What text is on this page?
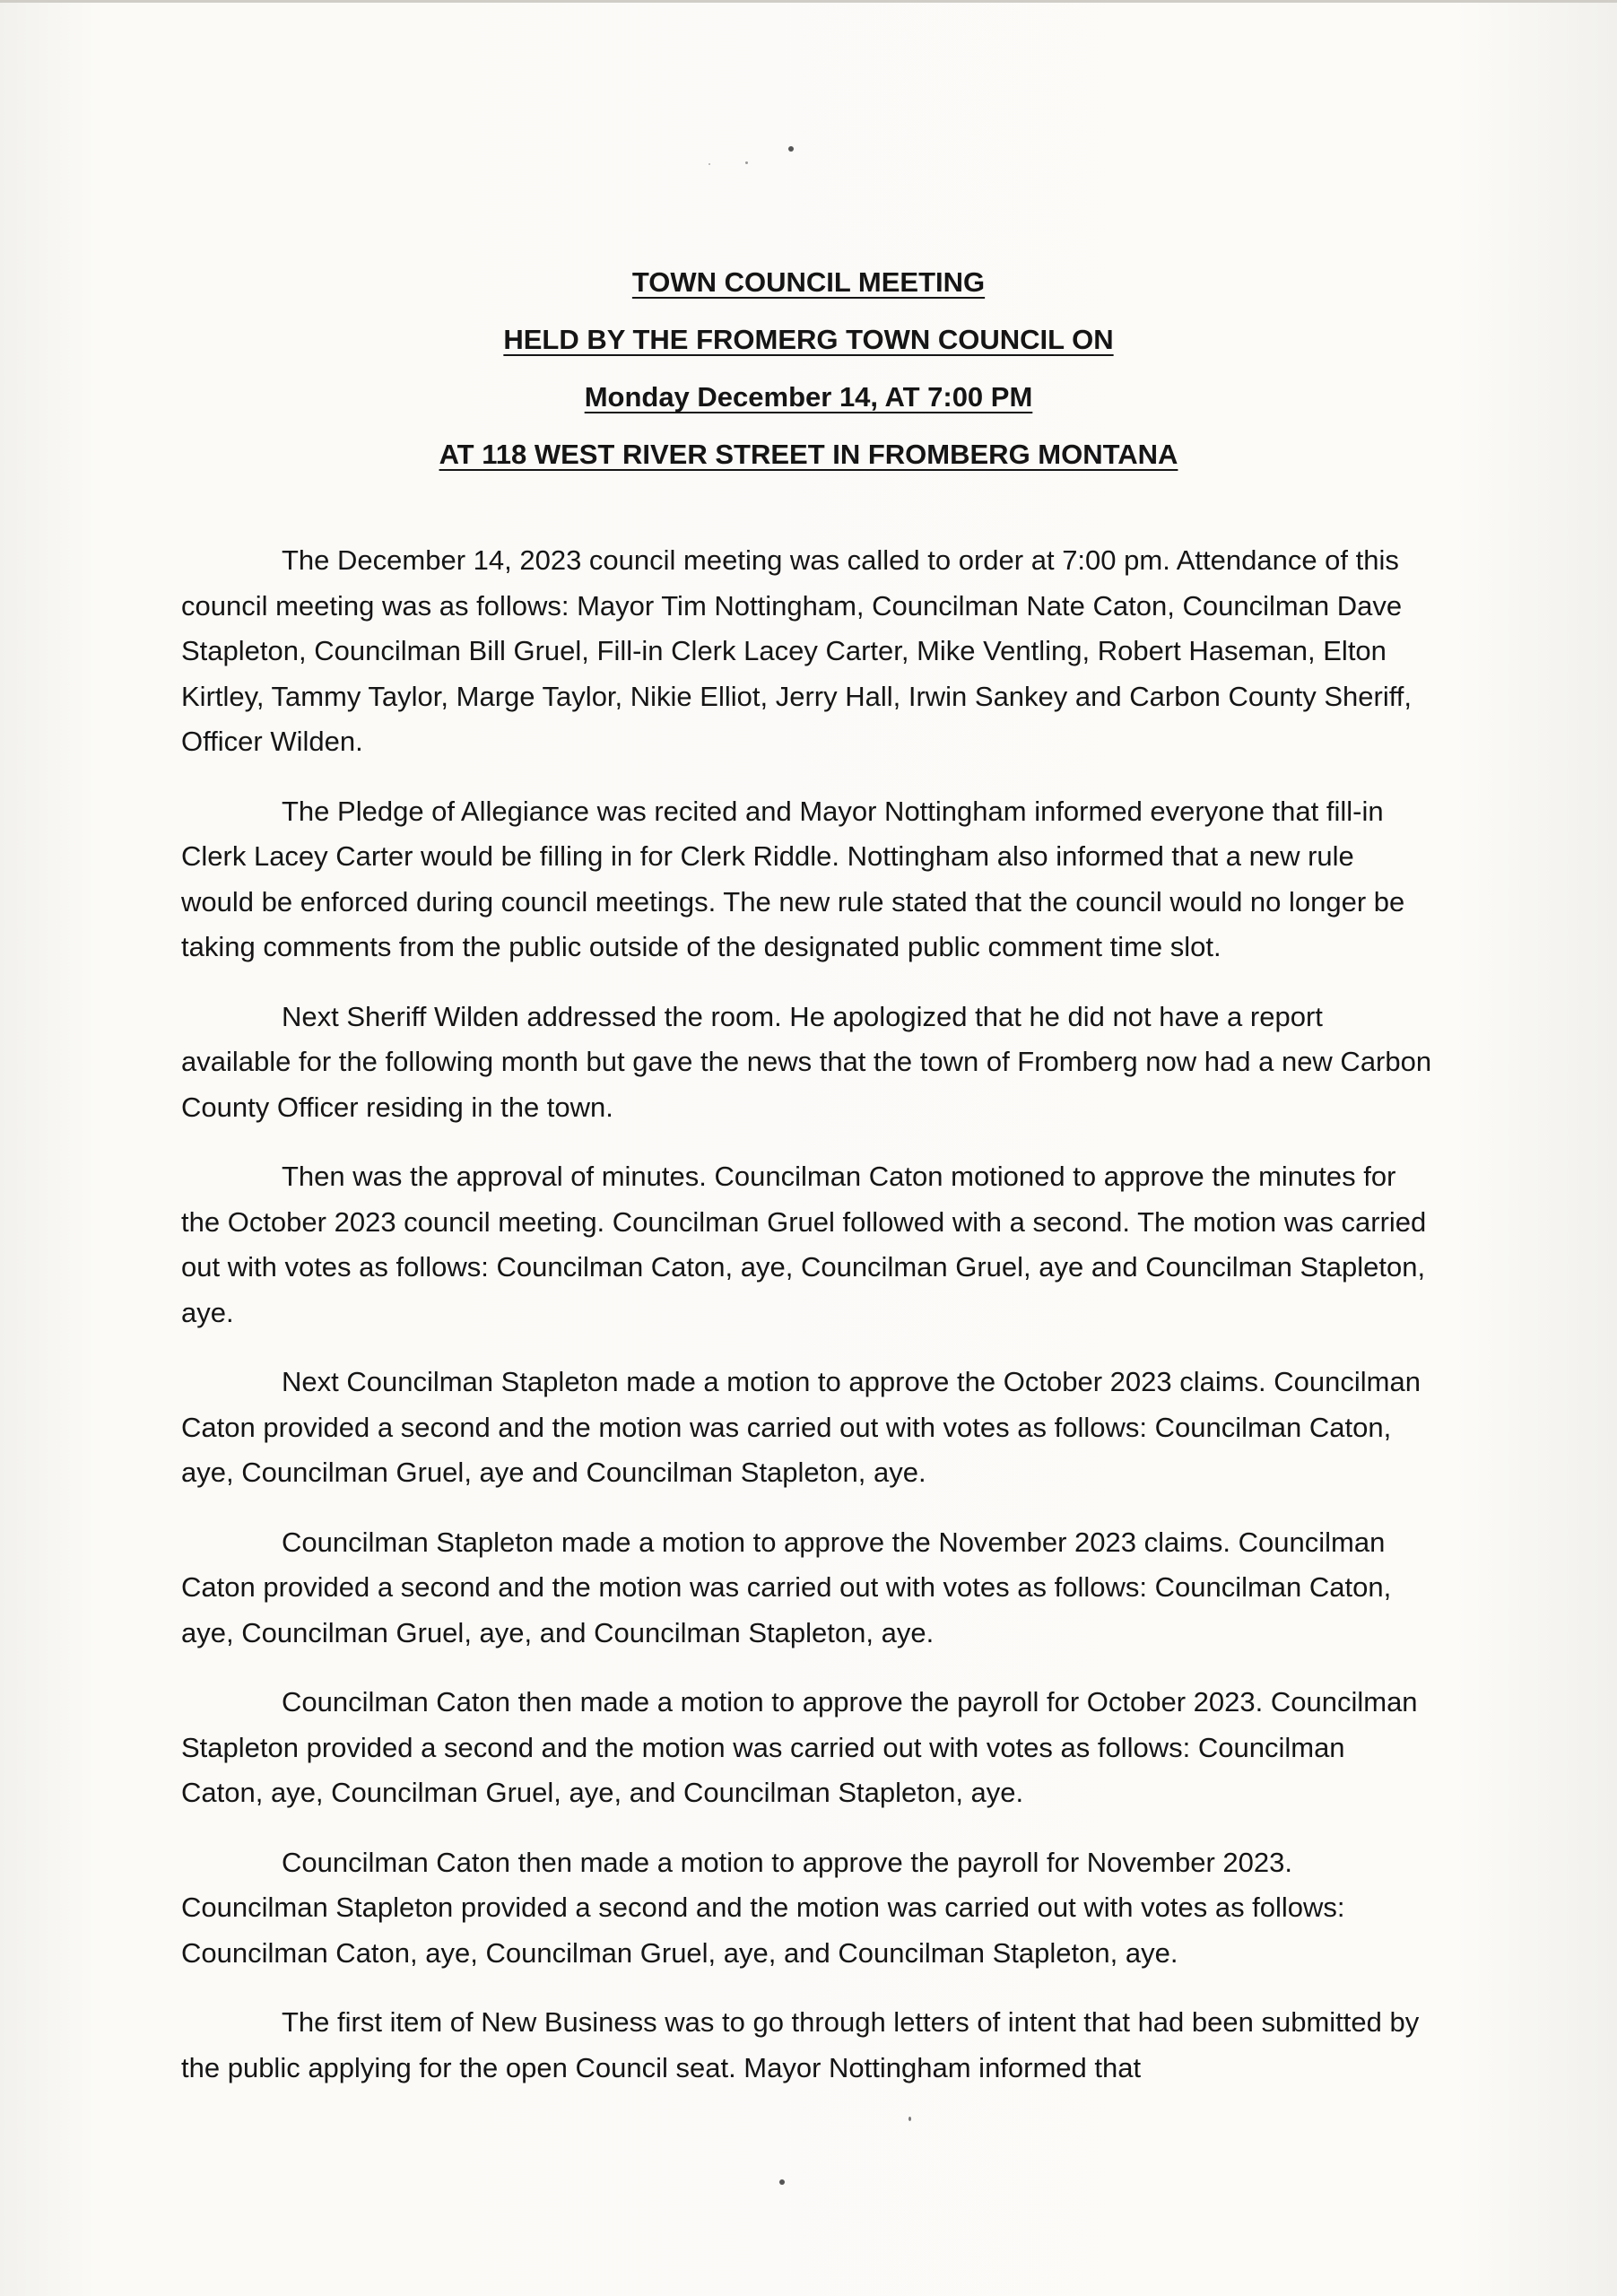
TOWN COUNCIL MEETING
HELD BY THE FROMERG TOWN COUNCIL ON
Monday December 14, AT 7:00 PM
AT 118 WEST RIVER STREET IN FROMBERG MONTANA

The December 14, 2023 council meeting was called to order at 7:00 pm. Attendance of this council meeting was as follows: Mayor Tim Nottingham, Councilman Nate Caton, Councilman Dave Stapleton, Councilman Bill Gruel, Fill-in Clerk Lacey Carter, Mike Ventling, Robert Haseman, Elton Kirtley, Tammy Taylor, Marge Taylor, Nikie Elliot, Jerry Hall, Irwin Sankey and Carbon County Sheriff, Officer Wilden.

The Pledge of Allegiance was recited and Mayor Nottingham informed everyone that fill-in Clerk Lacey Carter would be filling in for Clerk Riddle. Nottingham also informed that a new rule would be enforced during council meetings. The new rule stated that the council would no longer be taking comments from the public outside of the designated public comment time slot.

Next Sheriff Wilden addressed the room. He apologized that he did not have a report available for the following month but gave the news that the town of Fromberg now had a new Carbon County Officer residing in the town.

Then was the approval of minutes. Councilman Caton motioned to approve the minutes for the October 2023 council meeting. Councilman Gruel followed with a second. The motion was carried out with votes as follows: Councilman Caton, aye, Councilman Gruel, aye and Councilman Stapleton, aye.

Next Councilman Stapleton made a motion to approve the October 2023 claims. Councilman Caton provided a second and the motion was carried out with votes as follows: Councilman Caton, aye, Councilman Gruel, aye and Councilman Stapleton, aye.

Councilman Stapleton made a motion to approve the November 2023 claims. Councilman Caton provided a second and the motion was carried out with votes as follows: Councilman Caton, aye, Councilman Gruel, aye, and Councilman Stapleton, aye.

Councilman Caton then made a motion to approve the payroll for October 2023. Councilman Stapleton provided a second and the motion was carried out with votes as follows: Councilman Caton, aye, Councilman Gruel, aye, and Councilman Stapleton, aye.

Councilman Caton then made a motion to approve the payroll for November 2023. Councilman Stapleton provided a second and the motion was carried out with votes as follows: Councilman Caton, aye, Councilman Gruel, aye, and Councilman Stapleton, aye.

The first item of New Business was to go through letters of intent that had been submitted by the public applying for the open Council seat. Mayor Nottingham informed that
